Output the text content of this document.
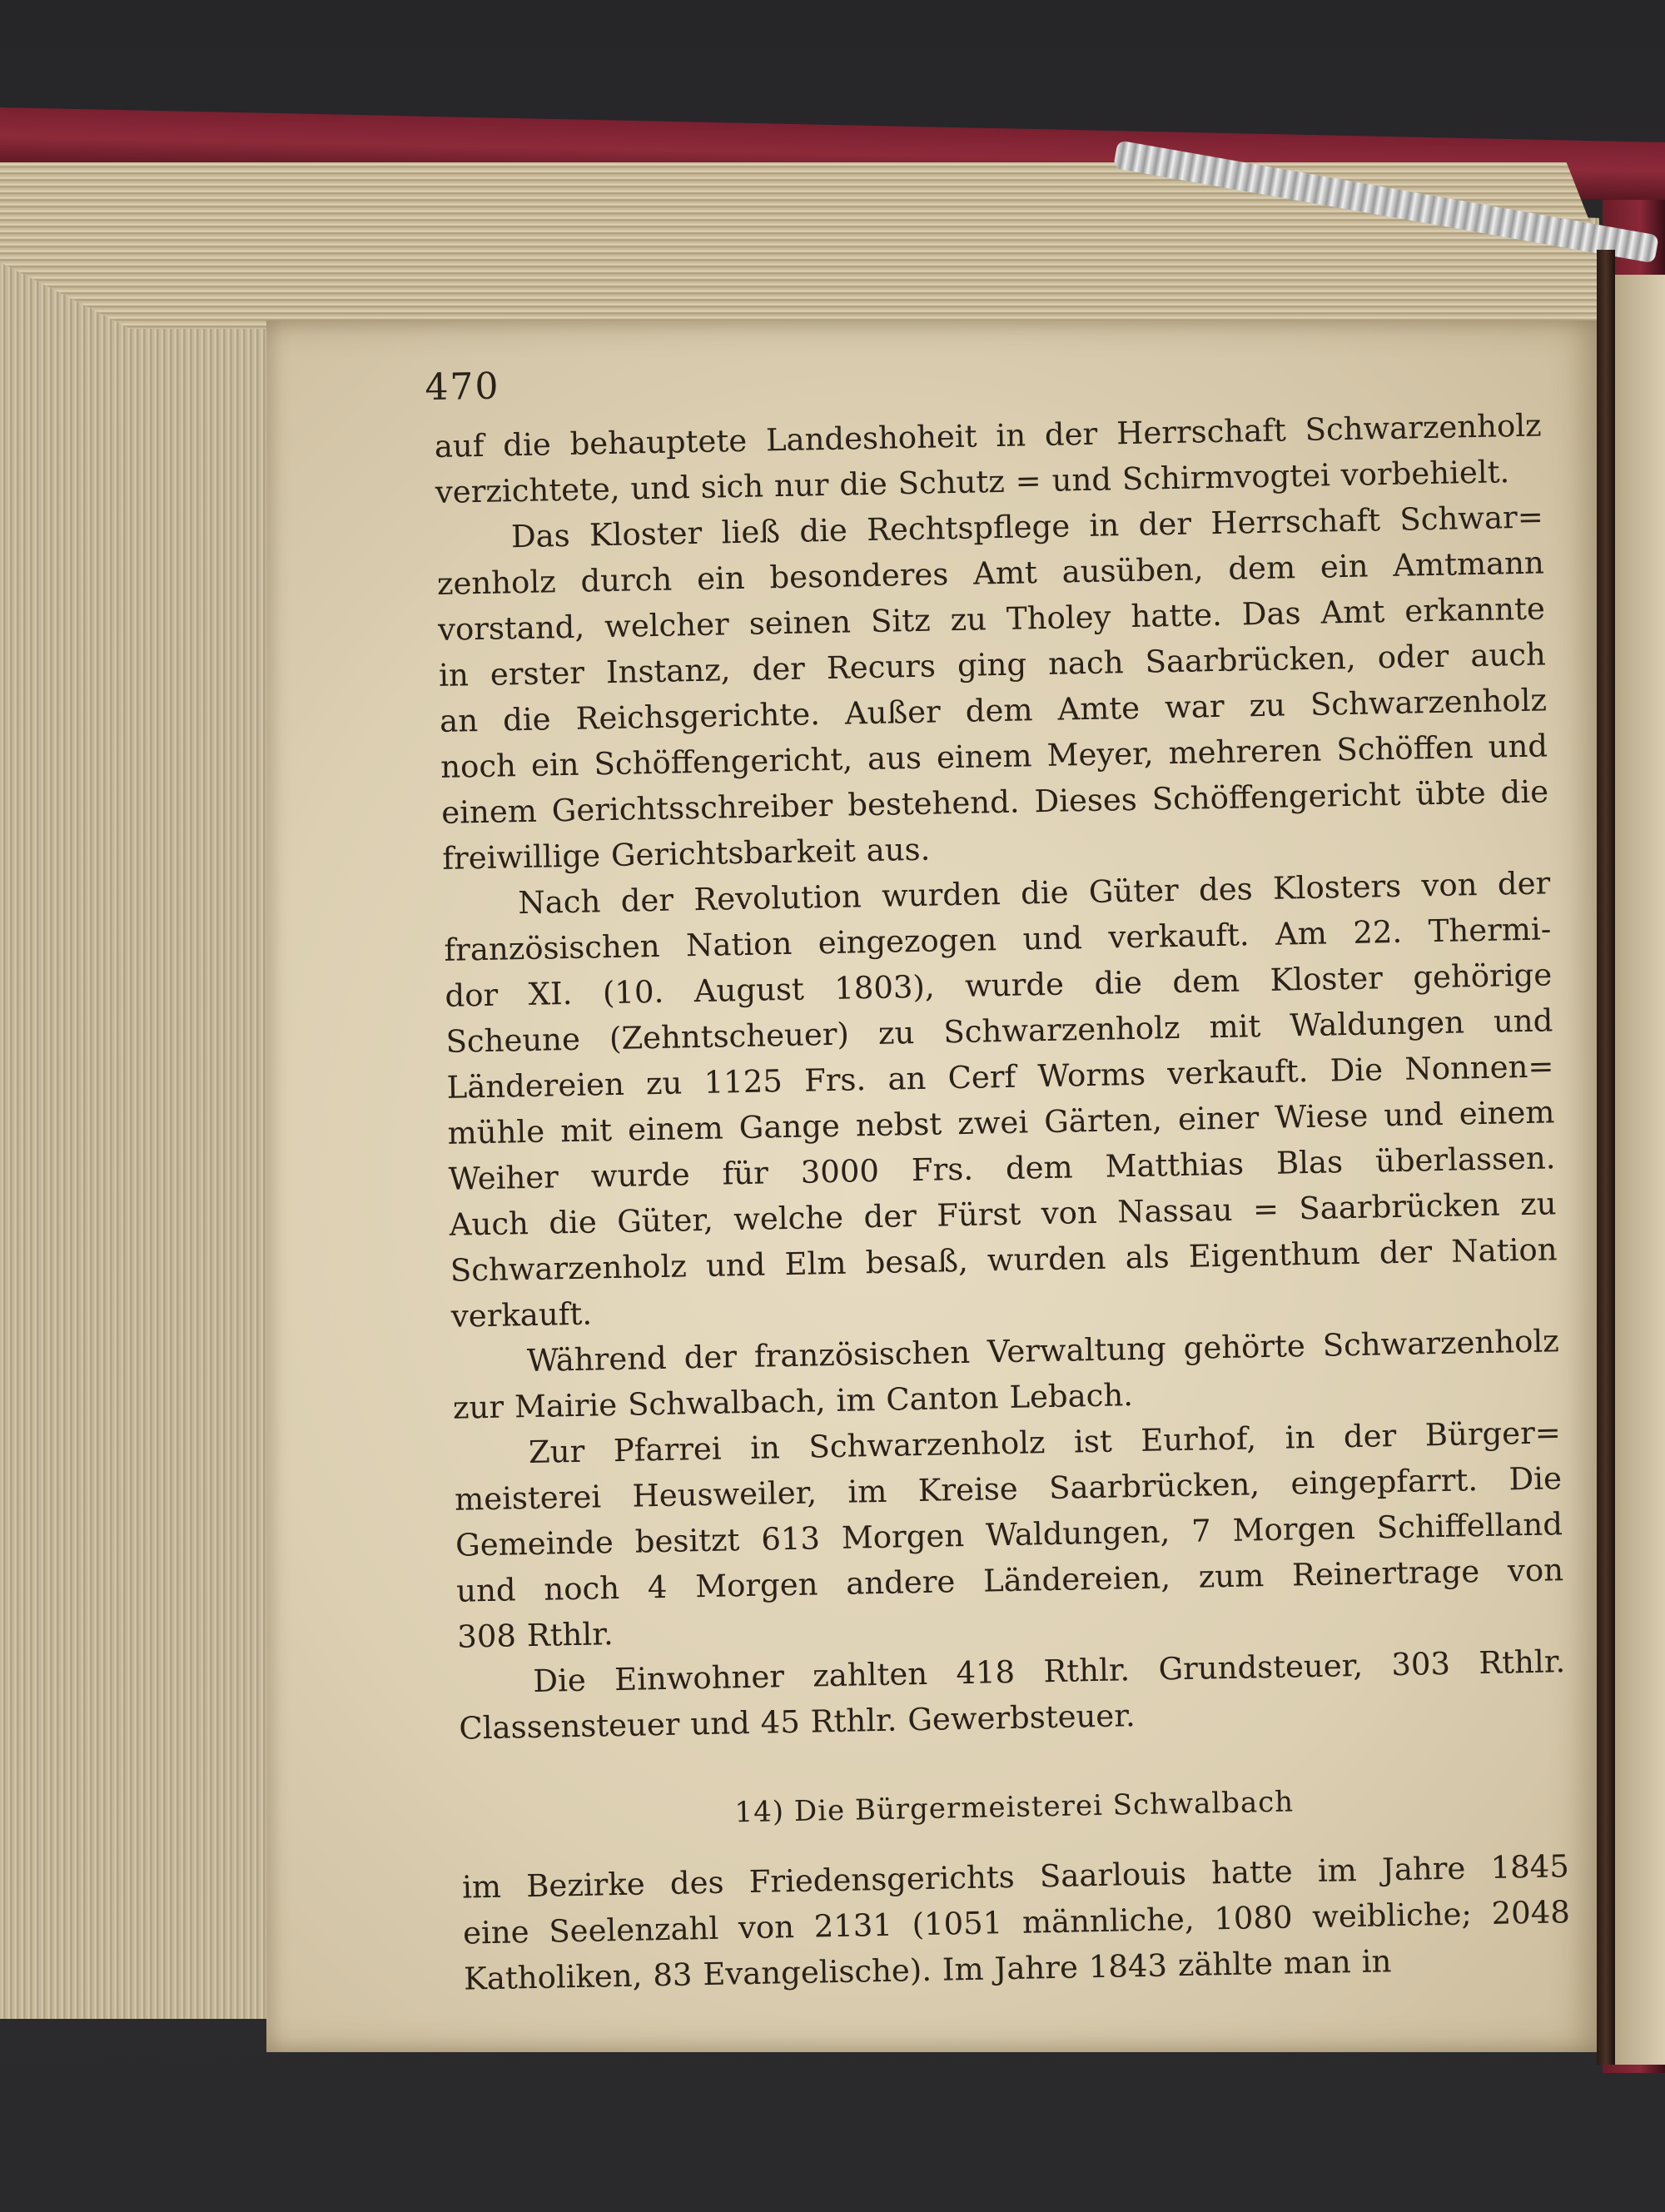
470
auf die behauptete Landeshoheit in der Herrschaft Schwarzenholz
verzichtete, und sich nur die Schutz = und Schirmvogtei vorbehielt.
Das Kloster ließ die Rechtspflege in der Herrschaft Schwar=
zenholz durch ein besonderes Amt ausüben, dem ein Amtmann
vorstand, welcher seinen Sitz zu Tholey hatte. Das Amt erkannte
in erster Instanz, der Recurs ging nach Saarbrücken, oder auch
an die Reichsgerichte. Außer dem Amte war zu Schwarzenholz
noch ein Schöffengericht, aus einem Meyer, mehreren Schöffen und
einem Gerichtsschreiber bestehend. Dieses Schöffengericht übte die
freiwillige Gerichtsbarkeit aus.
Nach der Revolution wurden die Güter des Klosters von der
französischen Nation eingezogen und verkauft. Am 22. Thermi-
dor XI. (10. August 1803), wurde die dem Kloster gehörige
Scheune (Zehntscheuer) zu Schwarzenholz mit Waldungen und
Ländereien zu 1125 Frs. an Cerf Worms verkauft. Die Nonnen=
mühle mit einem Gange nebst zwei Gärten, einer Wiese und einem
Weiher wurde für 3000 Frs. dem Matthias Blas überlassen.
Auch die Güter, welche der Fürst von Nassau = Saarbrücken zu
Schwarzenholz und Elm besaß, wurden als Eigenthum der Nation
verkauft.
Während der französischen Verwaltung gehörte Schwarzenholz
zur Mairie Schwalbach, im Canton Lebach.
Zur Pfarrei in Schwarzenholz ist Eurhof, in der Bürger=
meisterei Heusweiler, im Kreise Saarbrücken, eingepfarrt. Die
Gemeinde besitzt 613 Morgen Waldungen, 7 Morgen Schiffelland
und noch 4 Morgen andere Ländereien, zum Reinertrage von
308 Rthlr.
Die Einwohner zahlten 418 Rthlr. Grundsteuer, 303 Rthlr.
Classensteuer und 45 Rthlr. Gewerbsteuer.
14) Die Bürgermeisterei Schwalbach
im Bezirke des Friedensgerichts Saarlouis hatte im Jahre 1845
eine Seelenzahl von 2131 (1051 männliche, 1080 weibliche; 2048
Katholiken, 83 Evangelische). Im Jahre 1843 zählte man in
